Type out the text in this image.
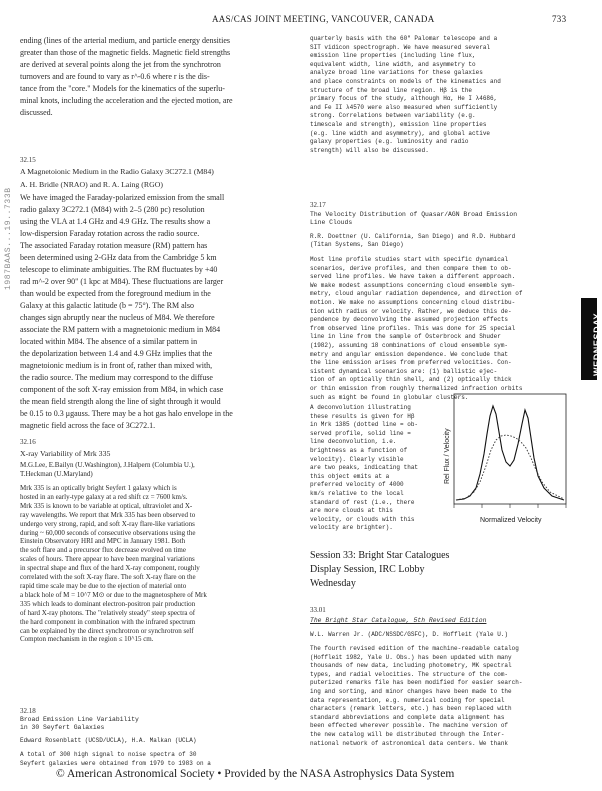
1987BAAS...19..733B
AAS/CAS JOINT MEETING, VANCOUVER, CANADA	733

ending (lines of the arterial medium, and particle energy densities

greater than those of the magnetic fields. Magnetic field strengths

are derived at several points along the jet from the synchrotron

turnovers and are found to vary as r^-0.6 where r is the dis-

tance from the "core." Models for the kinematics of the superlu-

minal knots, including the acceleration and the ejected motion, are

discussed.

32.15
A Magnetoionic Medium in the Radio Galaxy 3C272.1 (M84)
A. H. Bridle (NRAO) and R. A. Laing (RGO)

We have imaged the Faraday-polarized emission from the small

radio galaxy 3C272.1 (M84) with 2–5 (280 pc) resolution

using the VLA at 1.4 GHz and 4.9 GHz. The results show a

low-dispersion Faraday rotation across the radio source.

The associated Faraday rotation measure (RM) pattern has

been determined using 2-GHz data from the Cambridge 5 km

telescope to eliminate ambiguities. The RM fluctuates by +40

rad m^-2 over 90" (1 kpc at M84). These fluctuations are larger

than would be expected from the foreground medium in the

Galaxy at this galactic latitude (b = 75°). The RM also

changes sign abruptly near the nucleus of M84. We therefore

associate the RM pattern with a magnetoionic medium in M84

located within M84. The absence of a similar pattern in

the depolarization between 1.4 and 4.9 GHz implies that the

magnetoionic medium is in front of, rather than mixed with,

the radio source. The medium may correspond to the diffuse

component of the soft X-ray emission from M84, in which case

the mean field strength along the line of sight through it would

be 0.15 to 0.3 μgauss. There may be a hot gas halo envelope in the

magnetic field across the face of 3C272.1.

32.16
X-ray Variability of Mrk 335
M.G.Lee, E.Bailyn (U.Washington), J.Halpern (Columbia U.),
T.Heckman (U.Maryland)

Mrk 335 is an optically bright Seyfert 1 galaxy which is

hosted in an early-type galaxy at a red shift cz = 7600 km/s.

Mrk 335 is known to be variable at optical, ultraviolet and X-

ray wavelengths. We report that Mrk 335 has been observed to

undergo very strong, rapid, and soft X-ray flare-like variations

during ~ 60,000 seconds of consecutive observations using the

Einstein Observatory HRI and MPC in January 1981. Both

the soft flare and a precursor flux decrease evolved on time

scales of hours. There appear to have been marginal variations

in spectral shape and flux of the hard X-ray component, roughly

correlated with the soft X-ray flare. The soft X-ray flare on the

rapid time scale may be due to the ejection of material onto

a black hole of M = 10^7 M⊙ or due to the magnetosphere of Mrk

335 which leads to dominant electron-positron pair production

of hard X-ray photons. The "relatively steady" steep spectra of

the hard component in combination with the infrared spectrum

can be explained by the direct synchrotron or synchrotron self

Compton mechanism in the region ≤ 10^15 cm.

32.18
Broad Emission Line Variability
in 30 Seyfert Galaxies
Edward Rosenblatt (UCSD/UCLA), H.A. Malkan (UCLA)

A total of 300 high signal to noise spectra of 30

Seyfert galaxies were obtained from 1979 to 1983 on a

quarterly basis with the 60" Palomar telescope and a

SIT vidicon spectrograph. We have measured several

emission line properties (including line flux,

equivalent width, line width, and asymmetry to

analyze broad line variations for these galaxies

and place constraints on models of the kinematics and

structure of the broad line region. Hβ is the

primary focus of the study, although Hα, He I λ4686,

and Fe II λ4570 were also measured when sufficiently

strong. Correlations between variability (e.g.

timescale and strength), emission line properties

(e.g. line width and asymmetry), and global active

galaxy properties (e.g. luminosity and radio

strength) will also be discussed.

32.17
The Velocity Distribution of Quasar/AGN Broad Emission
Line Clouds
R.R. Doettner (U. California, San Diego) and R.D. Hubbard
(Titan Systems, San Diego)

Most line profile studies start with specific dynamical

scenarios, derive profiles, and then compare them to ob-

served line profiles. We have taken a different approach.

We make modest assumptions concerning cloud ensemble sym-

metry, cloud angular radiation dependence, and direction of

motion. We make no assumptions concerning cloud distribu-

tion with radius or velocity. Rather, we deduce this de-

pendence by deconvolving the assumed projection effects

from observed line profiles. This was done for 25 special

line in line from the sample of Osterbrock and Shuder

(1982), assuming 18 combinations of cloud ensemble sym-

metry and angular emission dependence. We conclude that

the line emission arises from preferred velocities. Con-

sistent dynamical scenarios are: (1) ballistic ejec-

tion of an optically thin shell, and (2) optically thick

or thin emission from roughly thermalized infraction orbits

such as might be found in globular clusters.

A deconvolution illustrating

these results is given for Hβ

in Mrk 1385 (dotted line = ob-

served profile, solid line =

line deconvolution, i.e.

brightness as a function of

velocity). Clearly visible

are two peaks, indicating that

this object emits at a

preferred velocity of 4000

km/s relative to the local

standard of rest (i.e., there

are more clouds at this

velocity, or clouds with this

velocity are brighter).

Rel Flux / Velocity
Normalized Velocity
Session 33: Bright Star Catalogues
Display Session, IRC Lobby
Wednesday
33.01
The Bright Star Catalogue, 5th Revised Edition
W.L. Warren Jr. (ADC/NSSDC/GSFC), D. Hoffleit (Yale U.)

The fourth revised edition of the machine-readable catalog

(Hoffleit 1982, Yale U. Obs.) has been updated with many

thousands of new data, including photometry, MK spectral

types, and radial velocities. The structure of the com-

puterized remarks file has been modified for easier search-

ing and sorting, and minor changes have been made to the

data representation, e.g. numerical coding for special

characters (remark letters, etc.) has been replaced with

standard abbreviations and complete data alignment has

been effected wherever possible. The machine version of

the new catalog will be distributed through the Inter-

national network of astronomical data centers. We thank

WEDNESDAY
© American Astronomical Society • Provided by the NASA Astrophysics Data System
